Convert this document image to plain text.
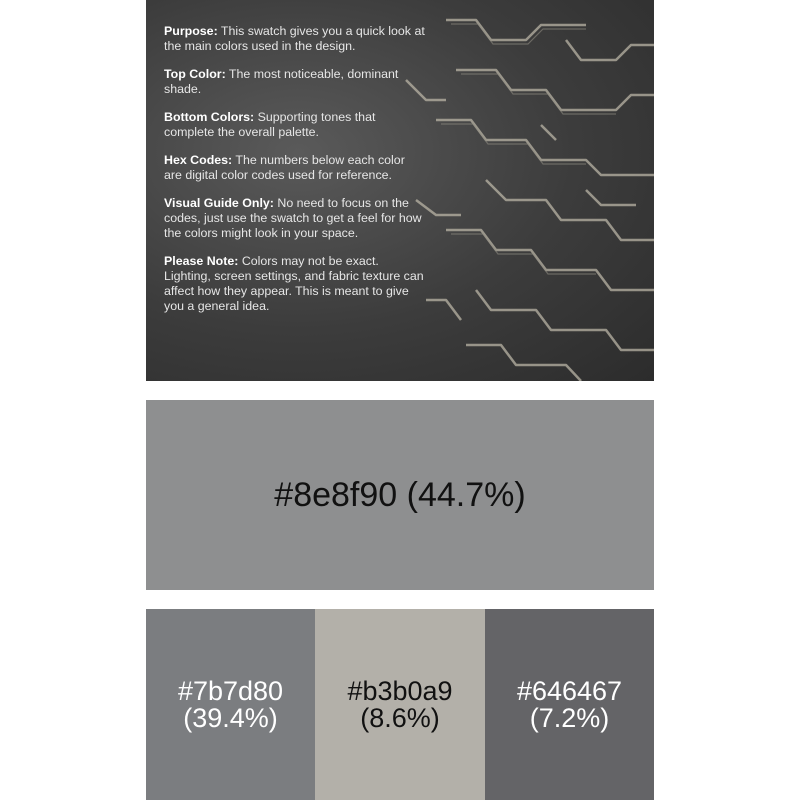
Purpose: This swatch gives you a quick look at the main colors used in the design.

Top Color: The most noticeable, dominant shade.

Bottom Colors: Supporting tones that complete the overall palette.

Hex Codes: The numbers below each color are digital color codes used for reference.

Visual Guide Only: No need to focus on the codes, just use the swatch to get a feel for how the colors might look in your space.

Please Note: Colors may not be exact. Lighting, screen settings, and fabric texture can affect how they appear. This is meant to give you a general idea.

#8e8f90 (44.7%)
#7b7d80
(39.4%)
#b3b0a9
(8.6%)
#646467
(7.2%)
